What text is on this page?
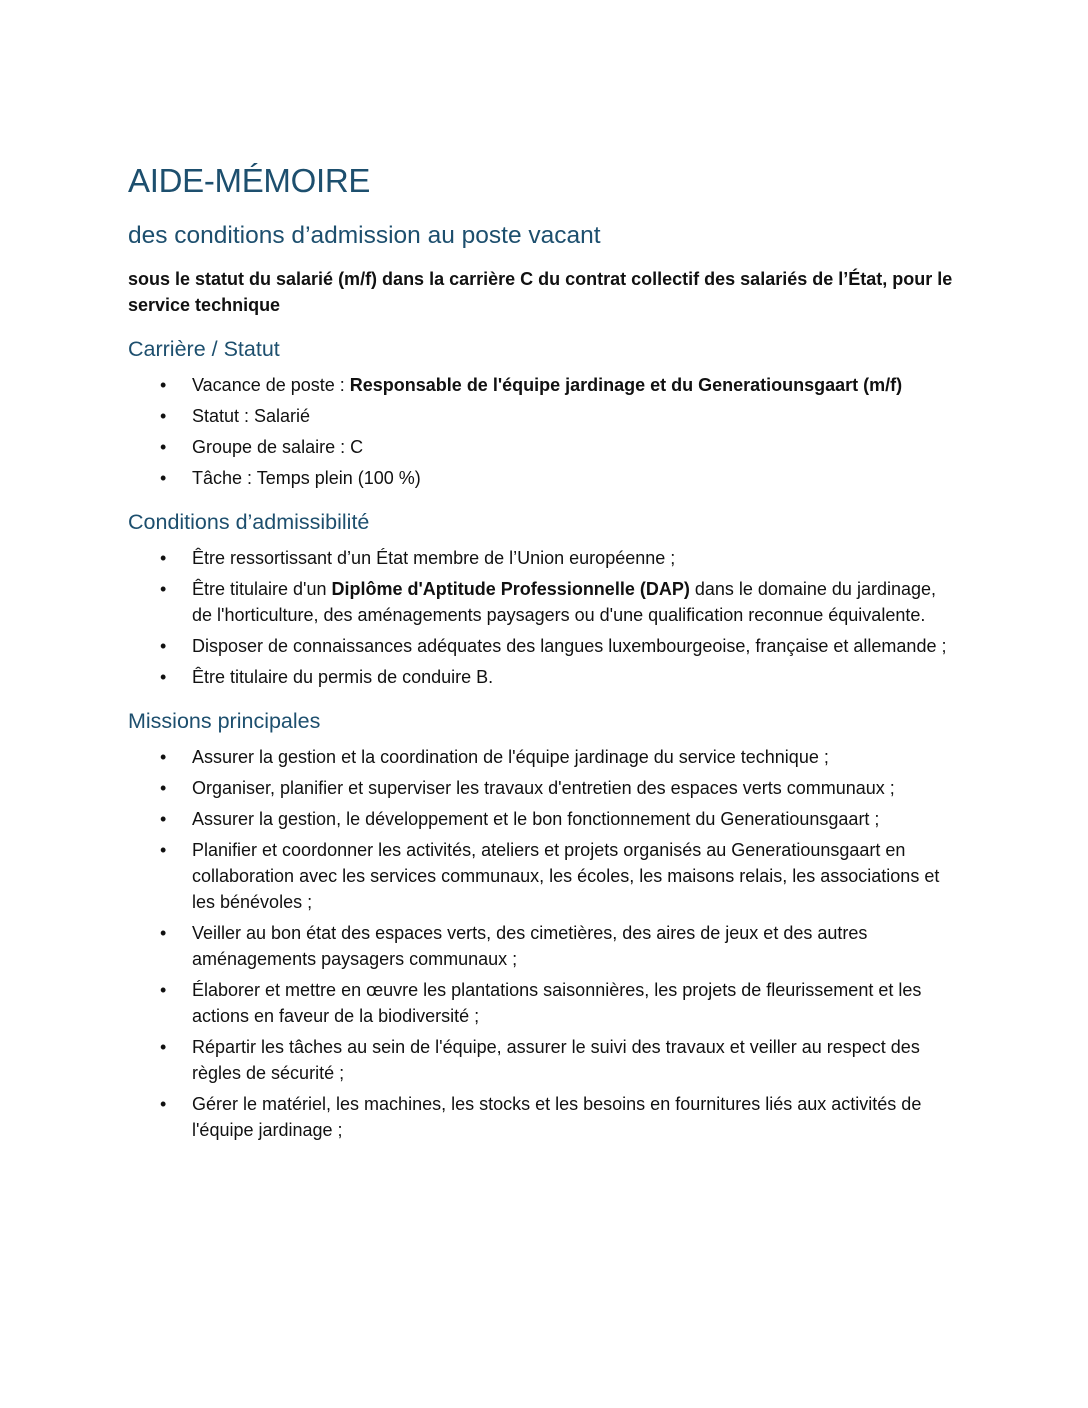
AIDE-MÉMOIRE
des conditions d’admission au poste vacant

sous le statut du salarié (m/f) dans la carrière C du contrat collectif des salariés de l’État, pour le service technique

Carrière / Statut
• Vacance de poste : Responsable de l'équipe jardinage et du Generatiounsgaart (m/f)
• Statut : Salarié
• Groupe de salaire : C
• Tâche : Temps plein (100 %)
Conditions d’admissibilité
• Être ressortissant d’un État membre de l’Union européenne ;
• Être titulaire d'un Diplôme d'Aptitude Professionnelle (DAP) dans le domaine du jardinage, de l'horticulture, des aménagements paysagers ou d'une qualification reconnue équivalente.
• Disposer de connaissances adéquates des langues luxembourgeoise, française et allemande ;
• Être titulaire du permis de conduire B.
Missions principales
• Assurer la gestion et la coordination de l'équipe jardinage du service technique ;
• Organiser, planifier et superviser les travaux d'entretien des espaces verts communaux ;
• Assurer la gestion, le développement et le bon fonctionnement du Generatiounsgaart ;
• Planifier et coordonner les activités, ateliers et projets organisés au Generatiounsgaart en collaboration avec les services communaux, les écoles, les maisons relais, les associations et les bénévoles ;
• Veiller au bon état des espaces verts, des cimetières, des aires de jeux et des autres aménagements paysagers communaux ;
• Élaborer et mettre en œuvre les plantations saisonnières, les projets de fleurissement et les actions en faveur de la biodiversité ;
• Répartir les tâches au sein de l'équipe, assurer le suivi des travaux et veiller au respect des règles de sécurité ;
• Gérer le matériel, les machines, les stocks et les besoins en fournitures liés aux activités de l'équipe jardinage ;
